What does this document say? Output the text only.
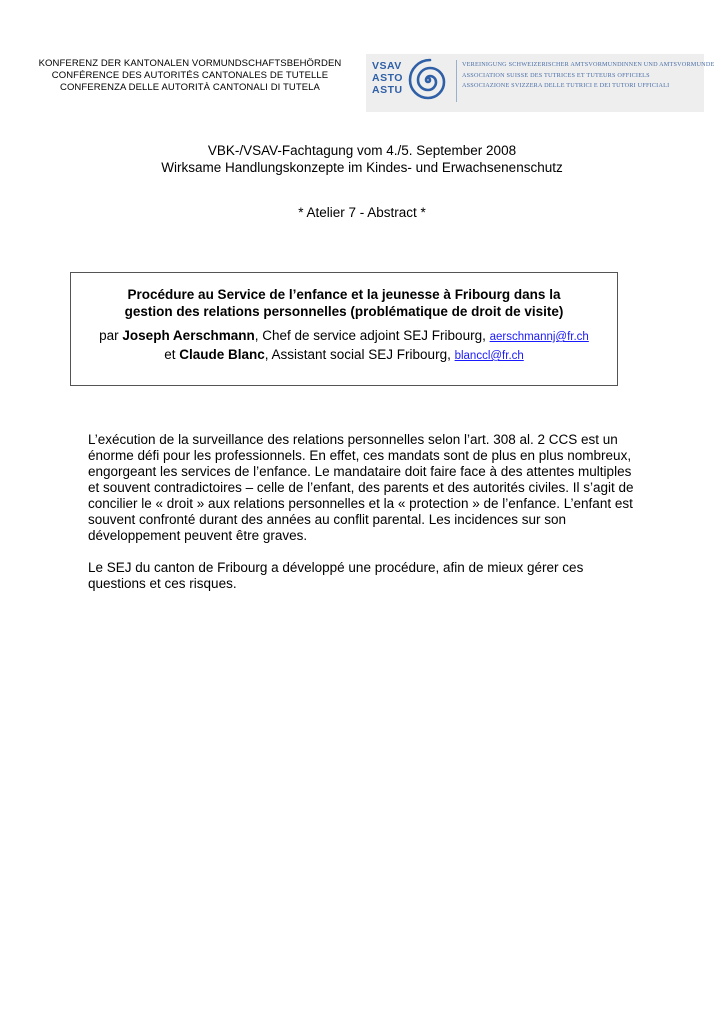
KONFERENZ DER KANTONALEN VORMUNDSCHAFTSBEHÖRDEN
CONFÉRENCE DES AUTORITÉS CANTONALES DE TUTELLE
CONFERENZA DELLE AUTORITÀ CANTONALI DI TUTELA
VSAV
ASTO
ASTU
VEREINIGUNG SCHWEIZERISCHER AMTSVORMUNDINNEN UND AMTSVORMUNDE
ASSOCIATION SUISSE DES TUTRICES ET TUTEURS OFFICIELS
ASSOCIAZIONE SVIZZERA DELLE TUTRICI E DEI TUTORI UFFICIALI
VBK-/VSAV-Fachtagung vom 4./5. September 2008
Wirksame Handlungskonzepte im Kindes- und Erwachsenenschutz
* Atelier 7 - Abstract *
Procédure au Service de l’enfance et la jeunesse à Fribourg dans la
gestion des relations personnelles (problématique de droit de visite)
par Joseph Aerschmann, Chef de service adjoint SEJ Fribourg, aerschmannj@fr.ch
et Claude Blanc, Assistant social SEJ Fribourg, blanccl@fr.ch

L’exécution de la surveillance des relations personnelles selon l’art. 308 al. 2 CCS est un
énorme défi pour les professionnels. En effet, ces mandats sont de plus en plus nombreux,
engorgeant les services de l’enfance. Le mandataire doit faire face à des attentes multiples
et souvent contradictoires – celle de l’enfant, des parents et des autorités civiles. Il s’agit de
concilier le « droit » aux relations personnelles et la « protection » de l’enfance. L’enfant est
souvent confronté durant des années au conflit parental. Les incidences sur son
développement peuvent être graves.

Le SEJ du canton de Fribourg a développé une procédure, afin de mieux gérer ces
questions et ces risques.
